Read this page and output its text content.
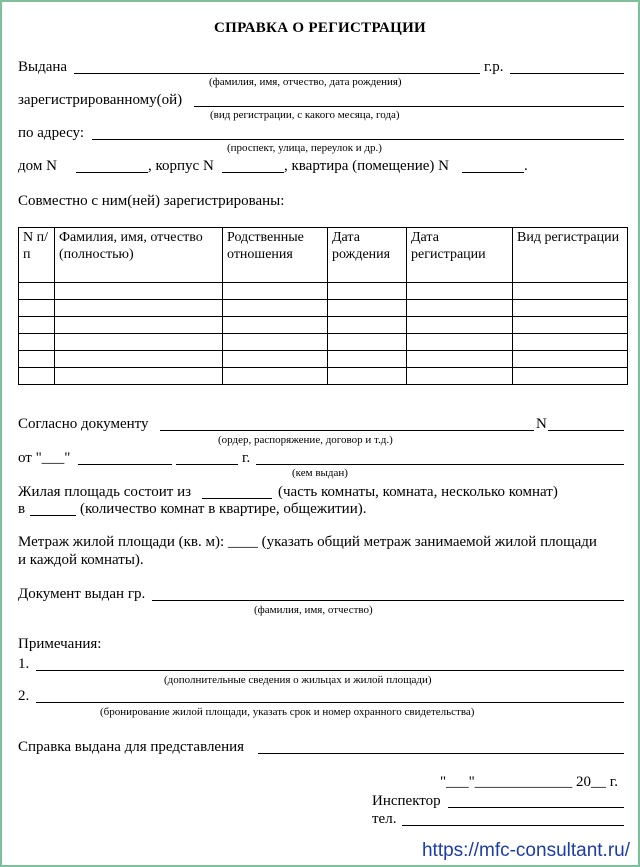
СПРАВКА О РЕГИСТРАЦИИ
Выдана	г.р.
(фамилия, имя, отчество, дата рождения)
зарегистрированному(ой)
(вид регистрации, с какого месяца, года)
по адресу:
(проспект, улица, переулок и др.)
дом N	, корпус N	, квартира (помещение) N	.
Совместно с ним(ней) зарегистрированы:
N п/п	Фамилия, имя, отчество (полностью)	Родственные отношения	Дата рождения	Дата регистрации	Вид регистрации

Согласно документу	N
(ордер, распоряжение, договор и т.д.)
от "___"	г.
(кем выдан)
Жилая площадь состоит из	(часть комнаты, комната, несколько комнат)
в	(количество комнат в квартире, общежитии).
Метраж жилой площади (кв. м): ____ (указать общий метраж занимаемой жилой площади
и каждой комнаты).
Документ выдан гр.
(фамилия, имя, отчество)
Примечания:
1.
(дополнительные сведения о жильцах и жилой площади)
2.
(бронирование жилой площади, указать срок и номер охранного свидетельства)
Справка выдана для представления
"___"_____________ 20__ г.
Инспектор
тел.
https://mfc-consultant.ru/
